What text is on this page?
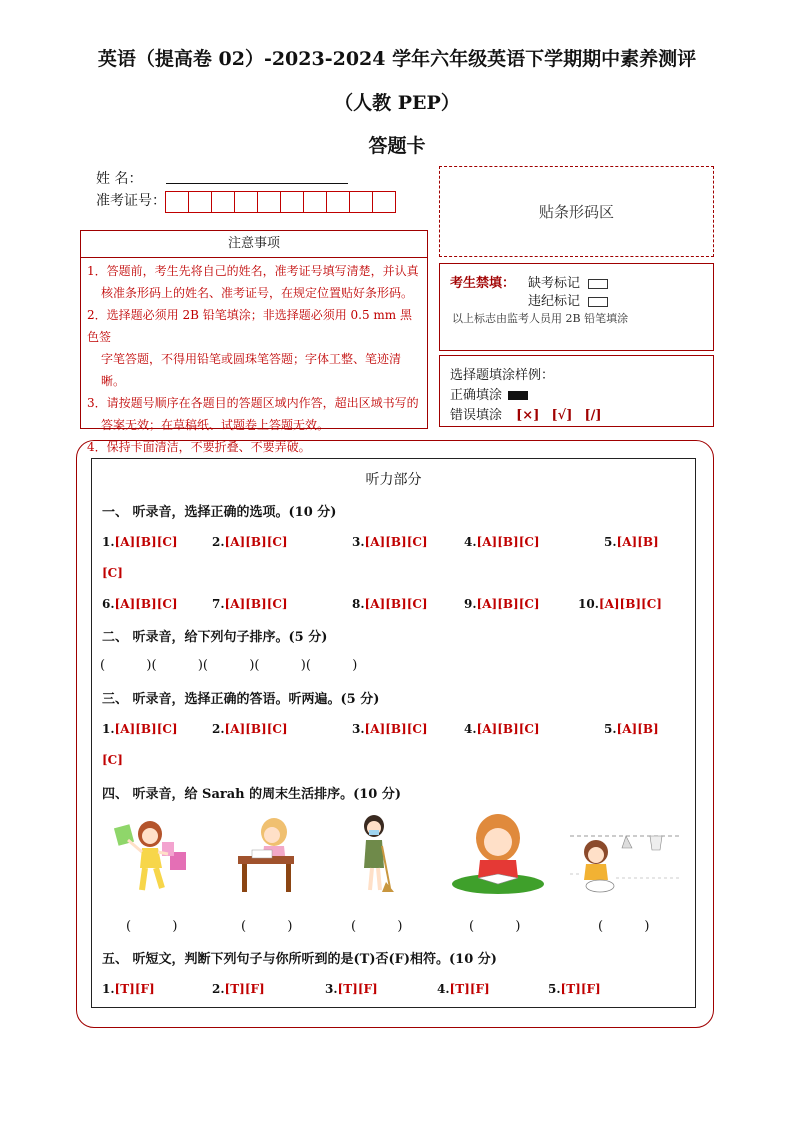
英语（提高卷 02）-2023-2024 学年六年级英语下学期期中素养测评
（人教 PEP）
答题卡
姓 名：
准考证号：
贴条形码区
注意事项
1．答题前，考生先将自己的姓名，准考证号填写清楚，并认真
核准条形码上的姓名、准考证号，在规定位置贴好条形码。
2．选择题必须用 2B 铅笔填涂；非选择题必须用 0.5 mm 黑色签
字笔答题，不得用铅笔或圆珠笔答题；字体工整、笔迹清晰。
3．请按题号顺序在各题目的答题区域内作答，超出区域书写的
答案无效；在草稿纸、试题卷上答题无效。
4．保持卡面清洁，不要折叠、不要弄破。
考生禁填： 缺考标记
违纪标记
以上标志由监考人员用 2B 铅笔填涂
选择题填涂样例：
正确填涂
错误填涂 [×] [√] [/]
听力部分
一、 听录音，选择正确的选项。(10 分)
1.[A][B][C]	2.[A][B][C]	3.[A][B][C]	4.[A][B][C]	5.[A][B]
[C]
6.[A][B][C]	7.[A][B][C]	8.[A][B][C]	9.[A][B][C]	10.[A][B][C]
二、 听录音，给下列句子排序。(5 分)
(          )(          )(          )(          )(          )
三、 听录音，选择正确的答语。听两遍。(5 分)
1.[A][B][C]	2.[A][B][C]	3.[A][B][C]	4.[A][B][C]	5.[A][B]
[C]
四、 听录音，给 Sarah 的周末生活排序。(10 分)
(          )	(          )	(          )	(          )	(          )
五、 听短文，判断下列句子与你所听到的是(T)否(F)相符。(10 分)
1.[T][F]	2.[T][F]	3.[T][F]	4.[T][F]	5.[T][F]
